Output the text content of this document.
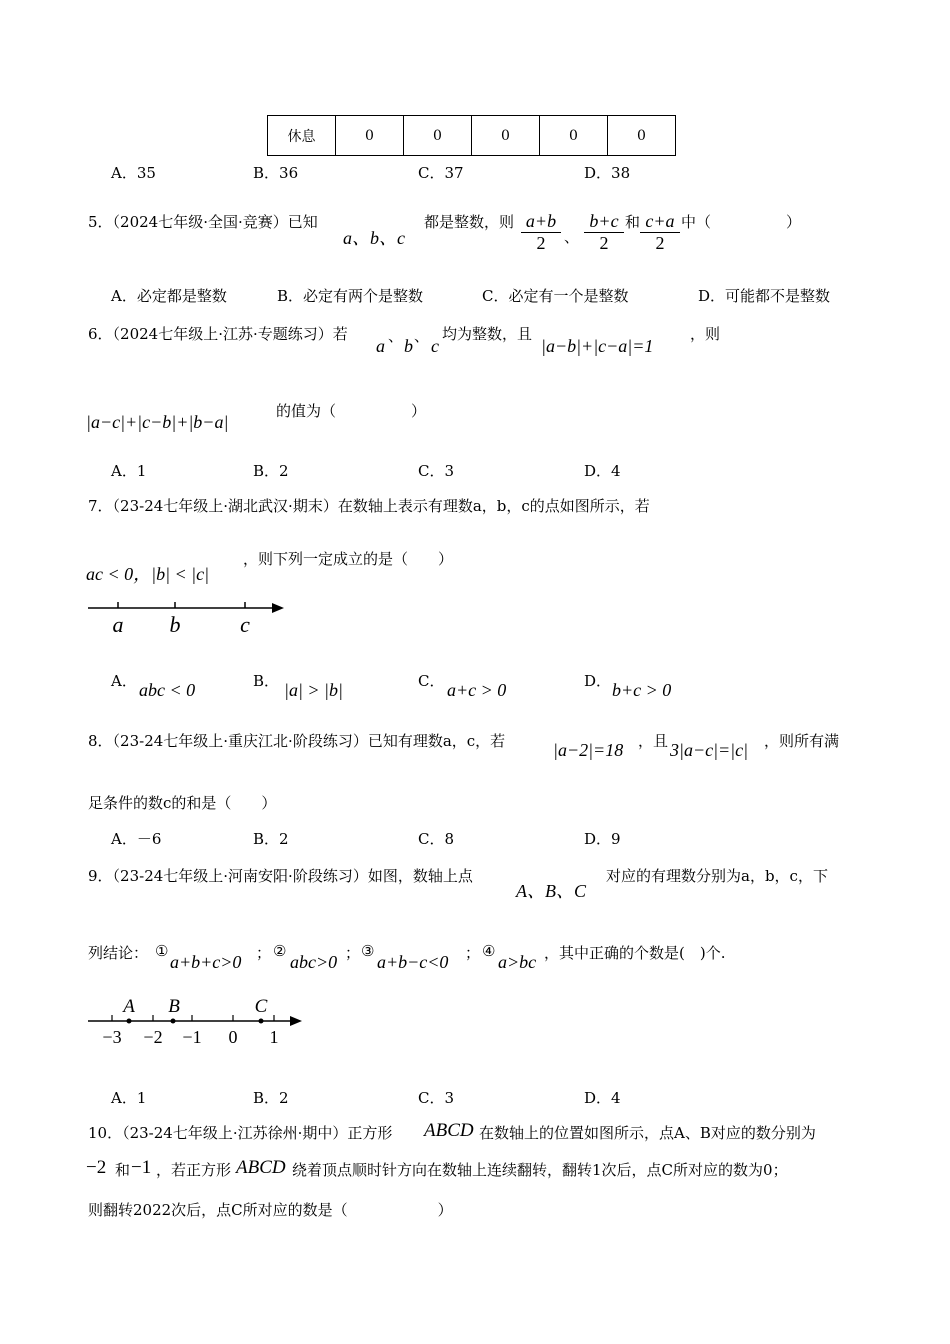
休息	0	0	0	0	0
A．35	B．36	C．37	D．38
5．（2024七年级·全国·竞赛）已知
a、b、c
都是整数，则 $\frac{a+b}{2}$ 、 $\frac{b+c}{2}$ 和 $\frac{c+a}{2}$ 中（　　　　　）
A．必定都是整数	B．必定有两个是整数	C．必定有一个是整数	D．可能都不是整数
6．（2024七年级上·江苏·专题练习）若
a 、 b 、 c
均为整数，且
|a−b|+|c−a|=1
，则
|a−c|+|c−b|+|b−a|
的值为（　　　　　）
A．1	B．2	C．3	D．4
7．（23-24七年级上·湖北武汉·期末）在数轴上表示有理数a，b，c的点如图所示，若
ac < 0，|b| < |c|
，则下列一定成立的是（　　）
a b	c
A． abc < 0	B． |a| > |b|	C． a+c > 0	D． b+c > 0
8．（23-24七年级上·重庆江北·阶段练习）已知有理数a，c，若	|a−2|=18 ，且 3|a−c|=|c| ，则所有满
足条件的数c的和是（　　）
A．－6	B．2	C．8	D．9
9．（23-24七年级上·河南安阳·阶段练习）如图，数轴上点
A、B、C
对应的有理数分别为a，b，c，下
列结论： ①
a+b+c>0 ； ②
abc>0 ； ③
a+b−c<0 ； ④
a>bc ，其中正确的个数是(　)个.
A B	C
−3 −2 −1 0 1
A．1	B．2	C．3	D．4
10．（23-24七年级上·江苏徐州·期中）正方形 ABCD 在数轴上的位置如图所示，点A、B对应的数分别为
−2 和 −1 ，若正方形 ABCD 绕着顶点顺时针方向在数轴上连续翻转，翻转1次后，点C所对应的数为0；
则翻转2022次后，点C所对应的数是（　　　　　　）
